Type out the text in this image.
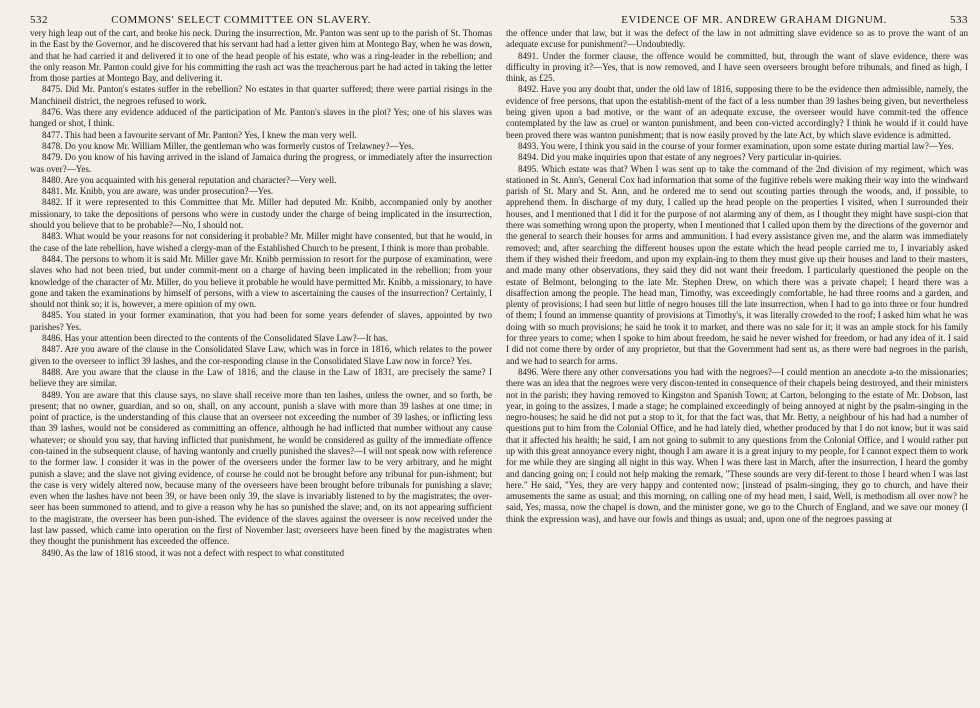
532	COMMONS' SELECT COMMITTEE ON SLAVERY.	EVIDENCE OF MR. ANDREW GRAHAM DIGNUM.	533

very high leap out of the cart, and broke his neck. During the insurrection, Mr. Panton was sent up to the parish of St. Thomas in the East by the Governor, and he discovered that his servant had had a letter given him at Montego Bay, when he was down, and that he had carried it and delivered it to one of the head people of his estate, who was a ring-leader in the rebellion; and the only reason Mr. Panton could give for his committing the rash act was the treacherous part he had acted in taking the letter from those parties at Montego Bay, and delivering it.

8475. Did Mr. Panton's estates suffer in the rebellion? No estates in that quarter suffered; there were partial risings in the Manchineil district, the negroes refused to work.

8476. Was there any evidence adduced of the participation of Mr. Panton's slaves in the plot? Yes; one of his slaves was hanged or shot, I think.

8477. This had been a favourite servant of Mr. Panton? Yes, I knew the man very well.

8478. Do you know Mr. William Miller, the gentleman who was formerly custos of Trelawney?—Yes.

8479. Do you know of his having arrived in the island of Jamaica during the progress, or immediately after the insurrection was over?—Yes.

8480. Are you acquainted with his general reputation and character?—Very well.

8481. Mr. Knibb, you are aware, was under prosecution?—Yes.

8482. If it were represented to this Committee that Mr. Miller had deputed Mr. Knibb, accompanied only by another missionary, to take the depositions of persons who were in custody under the charge of being implicated in the insurrection, should you believe that to be probable?—No, I should not.

8483. What would be your reasons for not considering it probable? Mr. Miller might have consented, but that he would, in the case of the late rebellion, have wished a clergy-man of the Established Church to be present, I think is more than probable.

8484. The persons to whom it is said Mr. Miller gave Mr. Knibb permission to resort for the purpose of examination, were slaves who had not been tried, but under commit-ment on a charge of having been implicated in the rebellion; from your knowledge of the character of Mr. Miller, do you believe it probable he would have permitted Mr. Knibb, a missionary, to have gone and taken the examinations by himself of persons, with a view to ascertaining the causes of the insurrection? Certainly, I should not think so; it is, however, a mere opinion of my own.

8485. You stated in your former examination, that you had been for some years defender of slaves, appointed by two parishes? Yes.

8486. Has your attention been directed to the contents of the Consolidated Slave Law?—It has.

8487. Are you aware of the clause in the Consolidated Slave Law, which was in force in 1816, which relates to the power given to the overseer to inflict 39 lashes, and the cor-responding clause in the Consolidated Slave Law now in force? Yes.

8488. Are you aware that the clause in the Law of 1816, and the clause in the Law of 1831, are precisely the same? I believe they are similar.

8489. You are aware that this clause says, no slave shall receive more than ten lashes, unless the owner, and so forth, be present; that no owner, guardian, and so on, shall, on any account, punish a slave with more than 39 lashes at one time; in point of practice, is the understanding of this clause that an overseer not exceeding the number of 39 lashes, or inflicting less than 39 lashes, would not be considered as committing an offence, although he had inflicted that number without any cause whatever; or should you say, that having inflicted that punishment, he would be considered as guilty of the immediate offence con-tained in the subsequent clause, of having wantonly and cruelly punished the slaves?—I will not speak now with reference to the former law. I consider it was in the power of the overseers under the former law to be very arbitrary, and he might punish a slave; and the slave not giving evidence, of course he could not be brought before any tribunal for pun-ishment; but the case is very widely altered now, because many of the overseers have been brought before tribunals for punishing a slave; even when the lashes have not been 39, or have been only 39, the slave is invariably listened to by the magistrates; the over-seer has been summoned to attend, and to give a reason why he has so punished the slave; and, on its not appearing sufficient to the magistrate, the overseer has been pun-ished. The evidence of the slaves against the overseer is now received under the last law passed, which came into operation on the first of November last; overseers have been fined by the magistrates when they thought the punishment has exceeded the offence.

8490. As the law of 1816 stood, it was not a defect with respect to what constituted

the offence under that law, but it was the defect of the law in not admitting slave evidence so as to prove the want of an adequate excuse for punishment?—Undoubtedly.

8491. Under the former clause, the offence would be committed, but, through the want of slave evidence, there was difficulty in proving it?—Yes, that is now removed, and I have seen overseers brought before tribunals, and fined as high, I think, as £25.

8492. Have you any doubt that, under the old law of 1816, supposing there to be the evidence then admissible, namely, the evidence of free persons, that upon the establish-ment of the fact of a less number than 39 lashes being given, but nevertheless being given upon a bad motive, or the want of an adequate excuse, the overseer would have commit-ted the offence contemplated by the law as cruel or wanton punishment, and been con-victed accordingly? I think he would if it could have been proved there was wanton punishment; that is now easily proved by the late Act, by which slave evidence is admitted.

8493. You were, I think you said in the course of your former examination, upon some estate during martial law?—Yes.

8494. Did you make inquiries upon that estate of any negroes? Very particular in-quiries.

8495. Which estate was that? When I was sent up to take the command of the 2nd division of my regiment, which was stationed in St. Ann's, General Cox had information that some of the fugitive rebels were making their way into the windward parish of St. Mary and St. Ann, and he ordered me to send out scouting parties through the woods, and, if possible, to apprehend them. In discharge of my duty, I called up the head people on the properties I visited, when I surrounded their houses, and I mentioned that I did it for the purpose of not alarming any of them, as I thought they might have suspi-cion that there was something wrong upon the property, when I mentioned that I called upon them by the directions of the governor and the general to search their houses for arms and ammunition. I had every assistance given me, and the alarm was immediately removed; and, after searching the different houses upon the estate which the head people carried me to, I invariably asked them if they wished their freedom, and upon my explain-ing to them they must give up their houses and land to their masters, and made many other observations, they said they did not want their freedom. I particularly questioned the people on the estate of Belmont, belonging to the late Mr. Stephen Drew, on which there was a private chapel; I heard there was a disaffection among the people. The head man, Timothy, was exceedingly comfortable, he had three rooms and a garden, and plenty of provisions; I had seen but little of negro houses till the late insurrection, when I had to go into three or four hundred of them; I found an immense quantity of provisions at Timothy's, it was literally crowded to the roof; I asked him what he was doing with so much provisions; he said he took it to market, and there was no sale for it; it was an ample stock for his family for three years to come; when I spoke to him about freedom, he said he never wished for freedom, or had any idea of it. I said I did not come there by order of any proprietor, but that the Government had sent us, as there were bad negroes in the parish, and we had to search for arms.

8496. Were there any other conversations you had with the negroes?—I could mention an anecdote a-to the missionaries; there was an idea that the negroes were very discon-tented in consequence of their chapels being destroyed, and their ministers not in the parish; they having removed to Kingston and Spanish Town; at Carton, belonging to the estate of Mr. Dobson, last year, in going to the assizes, I made a stage; he complained exceedingly of being annoyed at night by the psalm-singing in the negro-houses; he said he did not put a stop to it, for that the fact was, that Mr. Betty, a neighbour of his had had a number of questions put to him from the Colonial Office, and he had lately died, whether produced by that I do not know, but it was said that it affected his health; he said, I am not going to submit to any questions from the Colonial Office, and I would rather put up with this great annoyance every night, though I am aware it is a great injury to my people, for I cannot expect them to work for me while they are singing all night in this way. When I was there last in March, after the insurrection, I heard the gomby and dancing going on; I could not help making the remark, "These sounds are very dif-ferent to those I heard when I was last here." He said, "Yes, they are very happy and contented now; [instead of psalm-singing, they go to church, and have their amusements the same as usual; and this morning, on calling one of my head men, I said, Well, is methodism all over now? he said, Yes, massa, now the chapel is down, and the minister gone, we go to the Church of England, and we save our money (I think the expression was), and have our fowls and things as usual; and, upon one of the negroes passing at
